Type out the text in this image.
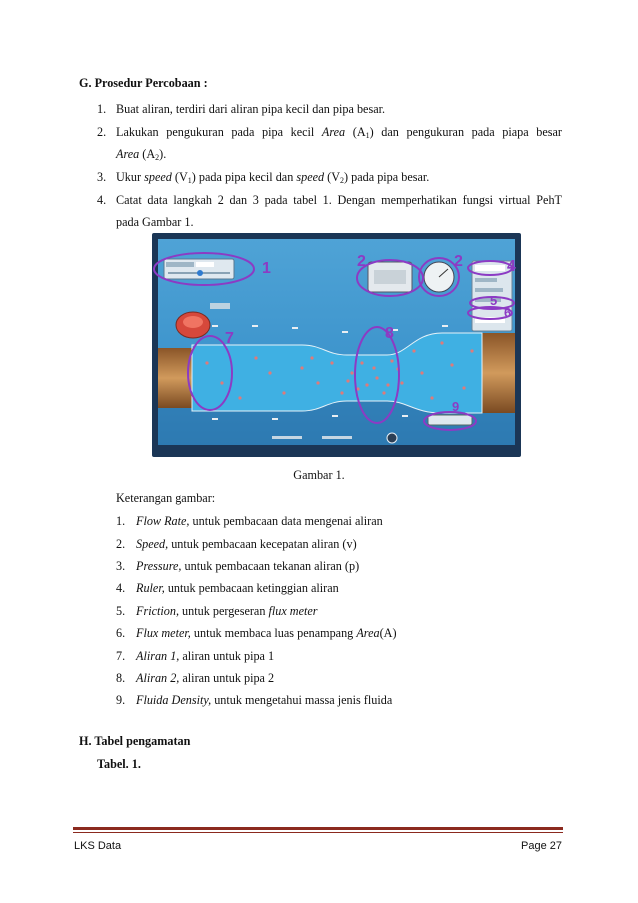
G. Prosedur Percobaan :
1. Buat aliran, terdiri dari aliran pipa kecil dan pipa besar.
2. Lakukan pengukuran pada pipa kecil Area $(A_1)$ dan pengukuran pada piapa besar
Area $(A_2)$.
3. Ukur speed $(V_1)$ pada pipa kecil dan speed $(V_2)$ pada pipa besar.
4. Catat data langkah 2 dan 3 pada tabel 1. Dengan memperhatikan fungsi virtual PehT
pada Gambar 1.
1	2	2	4
5
6
7	8
9
Gambar 1.
Keterangan gambar:
1. Flow Rate, untuk pembacaan data mengenai aliran
2. Speed, untuk pembacaan kecepatan aliran (v)
3. Pressure, untuk pembacaan tekanan aliran (p)
4. Ruler, untuk pembacaan ketinggian aliran
5. Friction, untuk pergeseran flux meter
6. Flux meter, untuk membaca luas penampang Area(A)
7. Aliran 1, aliran untuk pipa 1
8. Aliran 2, aliran untuk pipa 2
9. Fluida Density, untuk mengetahui massa jenis fluida
H. Tabel pengamatan
Tabel. 1.
LKS Data	Page 27
